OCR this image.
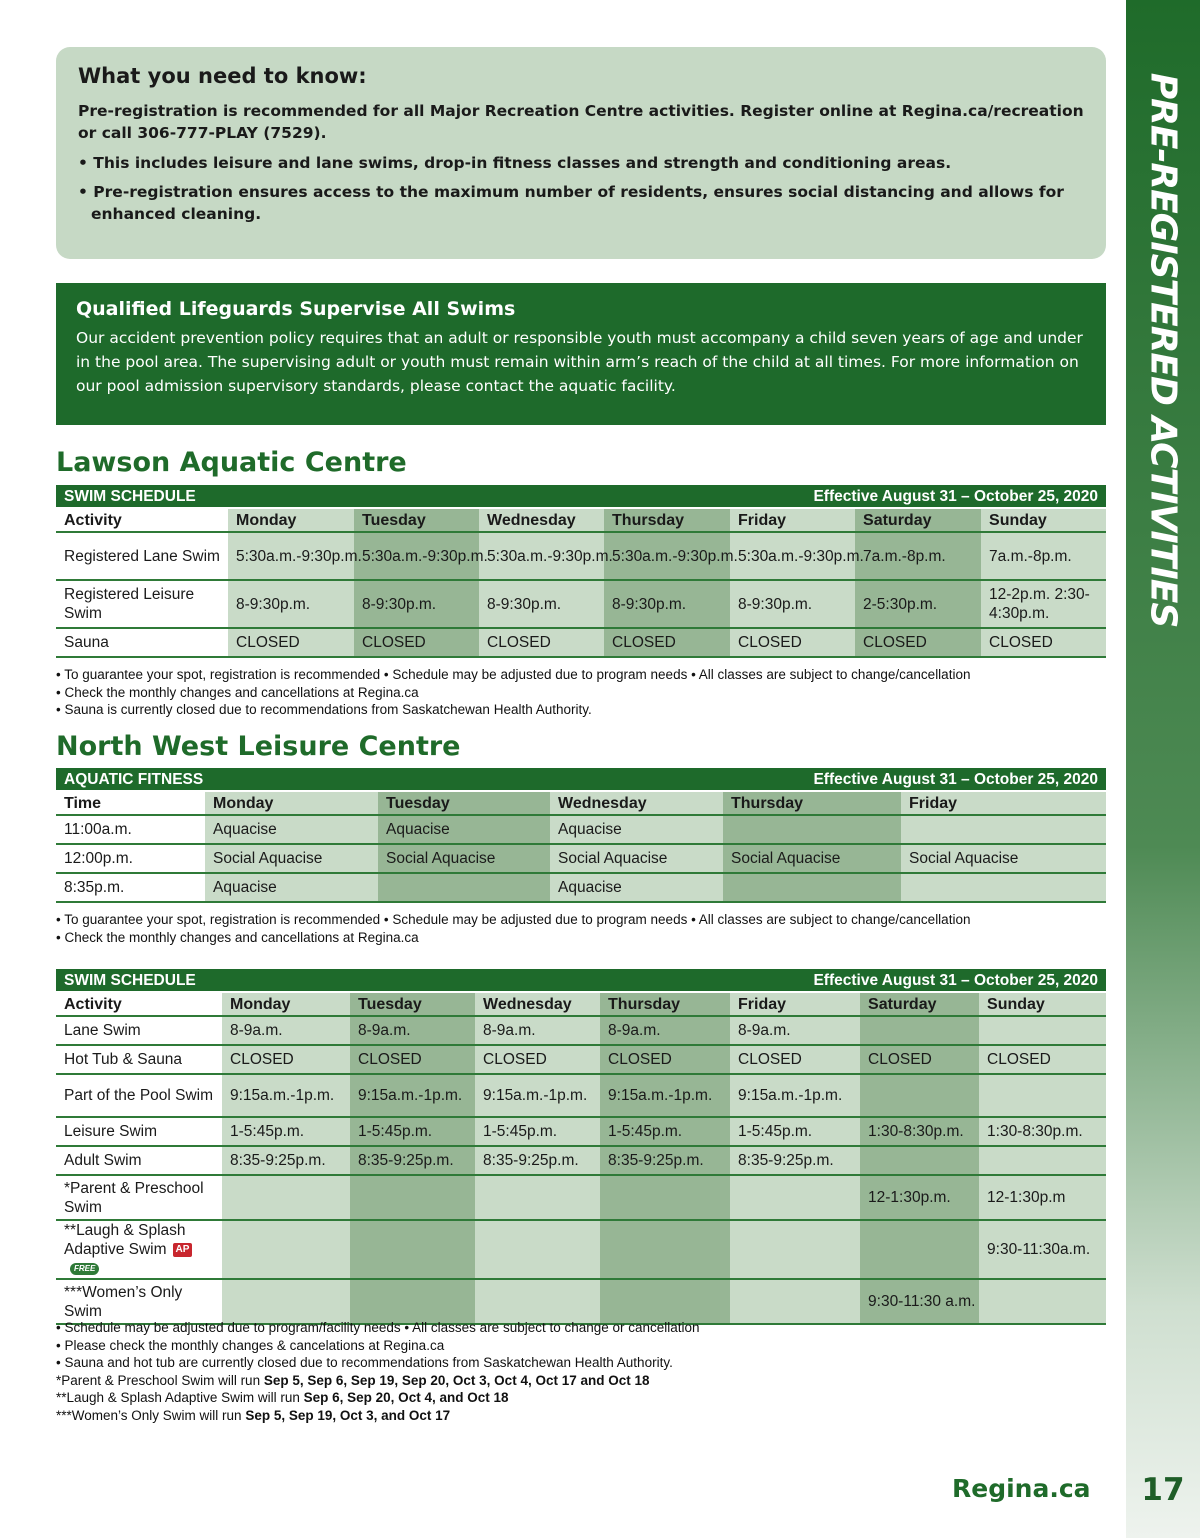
PRE-REGISTERED ACTIVITIES
Regina.ca	17
What you need to know:

Pre-registration is recommended for all Major Recreation Centre activities. Register online at Regina.ca/recreation or call 306-777-PLAY (7529).

• This includes leisure and lane swims, drop-in fitness classes and strength and conditioning areas.
• Pre-registration ensures access to the maximum number of residents, ensures social distancing and allows for enhanced cleaning.
Qualified Lifeguards Supervise All Swims

Our accident prevention policy requires that an adult or responsible youth must accompany a child seven years of age and under in the pool area. The supervising adult or youth must remain within arm’s reach of the child at all times. For more information on our pool admission supervisory standards, please contact the aquatic facility.

Lawson Aquatic Centre
SWIM SCHEDULE			Effective August 31 – October 25, 2020				
Activity	Monday	Tuesday	Wednesday	Thursday	Friday	Saturday	Sunday
Registered Lane Swim	5:30a.m.-9:30p.m.	5:30a.m.-9:30p.m.	5:30a.m.-9:30p.m.	5:30a.m.-9:30p.m.	5:30a.m.-9:30p.m.	7a.m.-8p.m.	7a.m.-8p.m.
Registered Leisure Swim	8-9:30p.m.	8-9:30p.m.	8-9:30p.m.	8-9:30p.m.	8-9:30p.m.	2-5:30p.m.	12-2p.m. 2:30-4:30p.m.
Sauna	CLOSED	CLOSED	CLOSED	CLOSED	CLOSED	CLOSED	CLOSED
• To guarantee your spot, registration is recommended • Schedule may be adjusted due to program needs • All classes are subject to change/cancellation
• Check the monthly changes and cancellations at Regina.ca
• Sauna is currently closed due to recommendations from Saskatchewan Health Authority.
North West Leisure Centre
AQUATIC FITNESS		Effective August 31 – October 25, 2020			
Time	Monday	Tuesday	Wednesday	Thursday	Friday
11:00a.m.	Aquacise	Aquacise	Aquacise		
12:00p.m.	Social Aquacise	Social Aquacise	Social Aquacise	Social Aquacise	Social Aquacise
8:35p.m.	Aquacise		Aquacise		
• To guarantee your spot, registration is recommended • Schedule may be adjusted due to program needs • All classes are subject to change/cancellation
• Check the monthly changes and cancellations at Regina.ca
SWIM SCHEDULE			Effective August 31 – October 25, 2020				
Activity	Monday	Tuesday	Wednesday	Thursday	Friday	Saturday	Sunday
Lane Swim	8-9a.m.	8-9a.m.	8-9a.m.	8-9a.m.	8-9a.m.		
Hot Tub & Sauna	CLOSED	CLOSED	CLOSED	CLOSED	CLOSED	CLOSED	CLOSED
Part of the Pool Swim	9:15a.m.-1p.m.	9:15a.m.-1p.m.	9:15a.m.-1p.m.	9:15a.m.-1p.m.	9:15a.m.-1p.m.		
Leisure Swim	1-5:45p.m.	1-5:45p.m.	1-5:45p.m.	1-5:45p.m.	1-5:45p.m.	1:30-8:30p.m.	1:30-8:30p.m.
Adult Swim	8:35-9:25p.m.	8:35-9:25p.m.	8:35-9:25p.m.	8:35-9:25p.m.	8:35-9:25p.m.		
*Parent & Preschool Swim						12-1:30p.m.	12-1:30p.m
**Laugh & Splash Adaptive Swim APFREE							9:30-11:30a.m.
***Women’s Only Swim						9:30-11:30 a.m.	
• Schedule may be adjusted due to program/facility needs • All classes are subject to change or cancellation
• Please check the monthly changes & cancelations at Regina.ca
• Sauna and hot tub are currently closed due to recommendations from Saskatchewan Health Authority.
*Parent & Preschool Swim will run Sep 5, Sep 6, Sep 19, Sep 20, Oct 3, Oct 4, Oct 17 and Oct 18
**Laugh & Splash Adaptive Swim will run Sep 6, Sep 20, Oct 4, and Oct 18
***Women’s Only Swim will run Sep 5, Sep 19, Oct 3, and Oct 17
